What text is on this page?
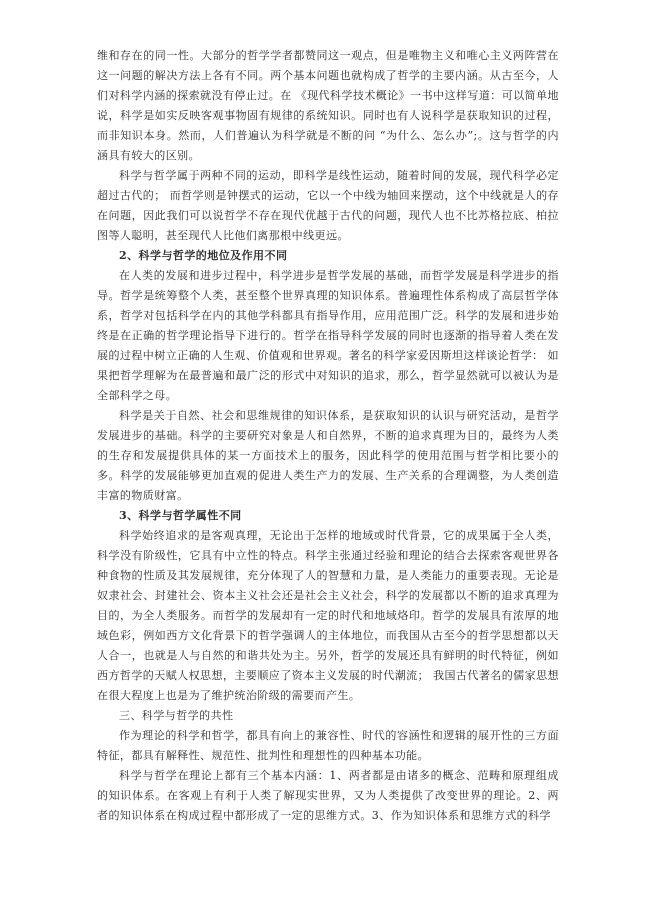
维和存在的同一性。大部分的哲学学者都赞同这一观点，但是唯物主义和唯心主义两阵营在这一问题的解决方法上各有不同。两个基本问题也就构成了哲学的主要内涵。从古至今，人们对科学内涵的探索就没有停止过。在 《现代科学技术概论》一书中这样写道：可以简单地说，科学是如实反映客观事物固有规律的系统知识。同时也有人说科学是获取知识的过程，而非知识本身。然而，人们普遍认为科学就是不断的问 “为什么、怎么办”;。这与哲学的内涵具有较大的区别。

科学与哲学属于两种不同的运动，即科学是线性运动，随着时间的发展，现代科学必定超过古代的； 而哲学则是钟摆式的运动，它以一个中线为轴回来摆动，这个中线就是人的存在问题，因此我们可以说哲学不存在现代优越于古代的问题，现代人也不比苏格拉底、柏拉图等人聪明，甚至现代人比他们离那根中线更远。

2、科学与哲学的地位及作用不同

在人类的发展和进步过程中，科学进步是哲学发展的基础，而哲学发展是科学进步的指导。哲学是统筹整个人类，甚至整个世界真理的知识体系。普遍理性体系构成了高层哲学体系，哲学对包括科学在内的其他学科都具有指导作用，应用范围广泛。科学的发展和进步始终是在正确的哲学理论指导下进行的。哲学在指导科学发展的同时也逐渐的指导着人类在发展的过程中树立正确的人生观、价值观和世界观。著名的科学家爱因斯坦这样谈论哲学： 如果把哲学理解为在最普遍和最广泛的形式中对知识的追求，那么，哲学显然就可以被认为是全部科学之母。

科学是关于自然、社会和思维规律的知识体系，是获取知识的认识与研究活动，是哲学发展进步的基础。科学的主要研究对象是人和自然界，不断的追求真理为目的，最终为人类的生存和发展提供具体的某一方面技术上的服务，因此科学的使用范围与哲学相比要小的多。科学的发展能够更加直观的促进人类生产力的发展、生产关系的合理调整，为人类创造丰富的物质财富。

3、科学与哲学属性不同

科学始终追求的是客观真理，无论出于怎样的地域或时代背景，它的成果属于全人类，科学没有阶级性，它具有中立性的特点。科学主张通过经验和理论的结合去探索客观世界各种食物的性质及其发展规律，充分体现了人的智慧和力量，是人类能力的重要表现。无论是奴隶社会、封建社会、资本主义社会还是社会主义社会，科学的发展都以不断的追求真理为目的，为全人类服务。而哲学的发展却有一定的时代和地域烙印。哲学的发展具有浓厚的地域色彩，例如西方文化背景下的哲学强调人的主体地位，而我国从古至今的哲学思想都以天人合一，也就是人与自然的和谐共处为主。另外，哲学的发展还具有鲜明的时代特征，例如西方哲学的天赋人权思想，主要顺应了资本主义发展的时代潮流； 我国古代著名的儒家思想在很大程度上也是为了维护统治阶级的需要而产生。

三、科学与哲学的共性

作为理论的科学和哲学，都具有向上的兼容性、时代的容涵性和逻辑的展开性的三方面特征，都具有解释性、规范性、批判性和理想性的四种基本功能。

科学与哲学在理论上都有三个基本内涵：1、两者都是由诸多的概念、范畴和原理组成的知识体系。在客观上有利于人类了解现实世界，又为人类提供了改变世界的理论。2、两者的知识体系在构成过程中都形成了一定的思维方式。3、作为知识体系和思维方式的科学
